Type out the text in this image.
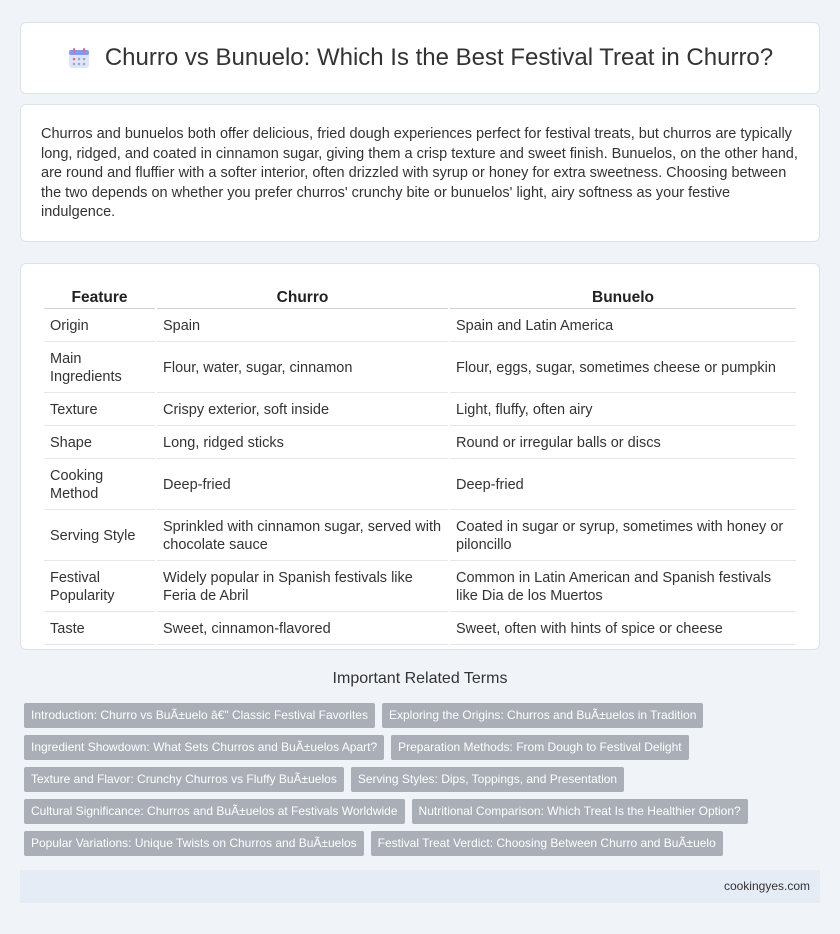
Churro vs Bunuelo: Which Is the Best Festival Treat in Churro?

Churros and bunuelos both offer delicious, fried dough experiences perfect for festival treats, but churros are typically long, ridged, and coated in cinnamon sugar, giving them a crisp texture and sweet finish. Bunuelos, on the other hand, are round and fluffier with a softer interior, often drizzled with syrup or honey for extra sweetness. Choosing between the two depends on whether you prefer churros' crunchy bite or bunuelos' light, airy softness as your festive indulgence.

Feature	Churro	Bunuelo
Origin	Spain	Spain and Latin America
Main Ingredients	Flour, water, sugar, cinnamon	Flour, eggs, sugar, sometimes cheese or pumpkin
Texture	Crispy exterior, soft inside	Light, fluffy, often airy
Shape	Long, ridged sticks	Round or irregular balls or discs
Cooking Method	Deep-fried	Deep-fried
Serving Style	Sprinkled with cinnamon sugar, served with chocolate sauce	Coated in sugar or syrup, sometimes with honey or piloncillo
Festival Popularity	Widely popular in Spanish festivals like Feria de Abril	Common in Latin American and Spanish festivals like Dia de los Muertos
Taste	Sweet, cinnamon-flavored	Sweet, often with hints of spice or cheese
Important Related Terms
Introduction: Churro vs BuÃ±uelo â€" Classic Festival Favorites	Exploring the Origins: Churros and BuÃ±uelos in Tradition
Ingredient Showdown: What Sets Churros and BuÃ±uelos Apart?	Preparation Methods: From Dough to Festival Delight
Texture and Flavor: Crunchy Churros vs Fluffy BuÃ±uelos	Serving Styles: Dips, Toppings, and Presentation
Cultural Significance: Churros and BuÃ±uelos at Festivals Worldwide	Nutritional Comparison: Which Treat Is the Healthier Option?
Popular Variations: Unique Twists on Churros and BuÃ±uelos	Festival Treat Verdict: Choosing Between Churro and BuÃ±uelo
cookingyes.com
